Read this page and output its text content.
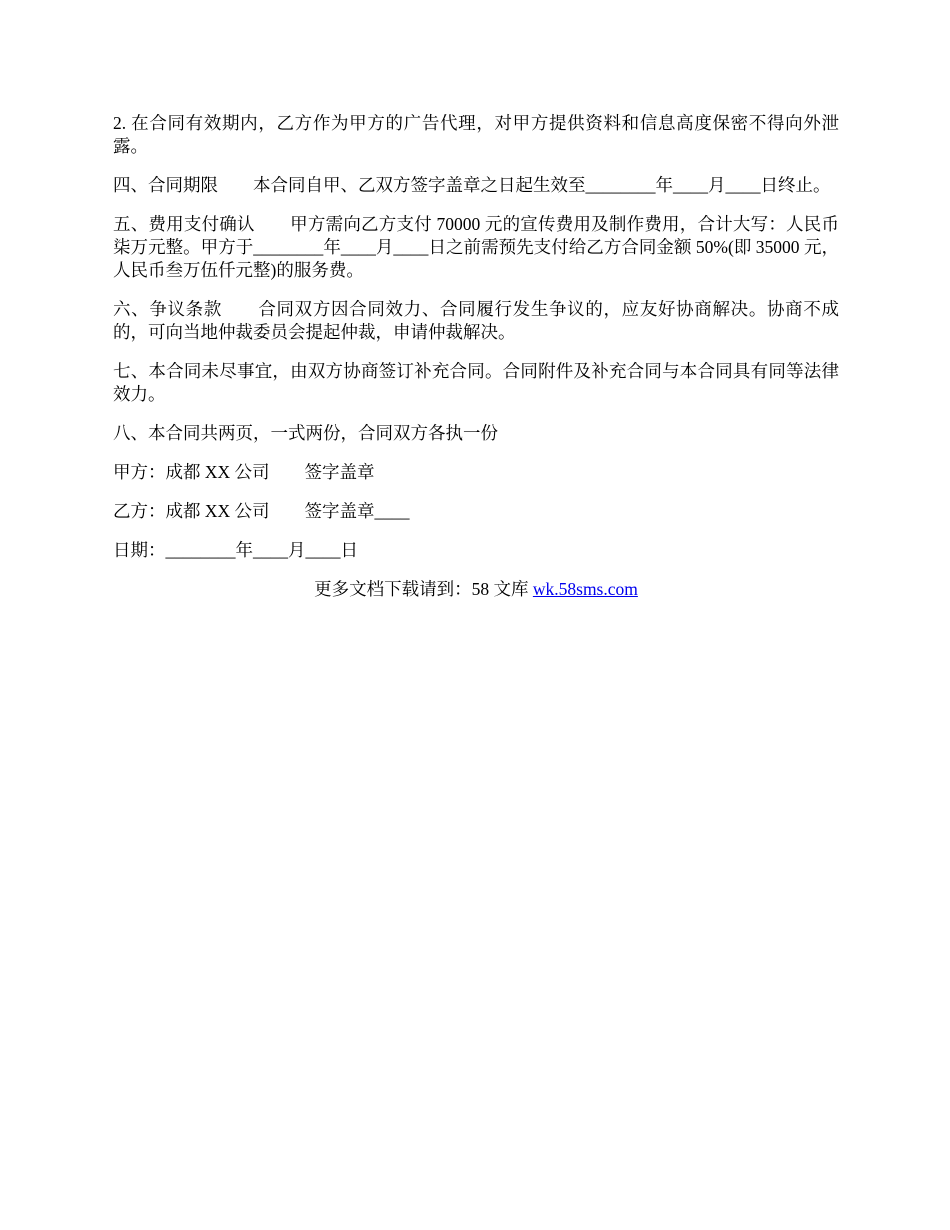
2. 在合同有效期内，乙方作为甲方的广告代理，对甲方提供资料和信息高度保密不得向外泄露。

四、合同期限　　本合同自甲、乙双方签字盖章之日起生效至________年____月____日终止。

五、费用支付确认　　甲方需向乙方支付 70000 元的宣传费用及制作费用，合计大写：人民币柒万元整。甲方于________年____月____日之前需预先支付给乙方合同金额 50%(即 35000 元，人民币叁万伍仟元整)的服务费。

六、争议条款　　合同双方因合同效力、合同履行发生争议的，应友好协商解决。协商不成的，可向当地仲裁委员会提起仲裁，申请仲裁解决。

七、本合同未尽事宜，由双方协商签订补充合同。合同附件及补充合同与本合同具有同等法律效力。

八、本合同共两页，一式两份，合同双方各执一份

甲方：成都 XX 公司　　签字盖章

乙方：成都 XX 公司　　签字盖章____

日期：________年____月____日

更多文档下载请到：58 文库 wk.58sms.com
